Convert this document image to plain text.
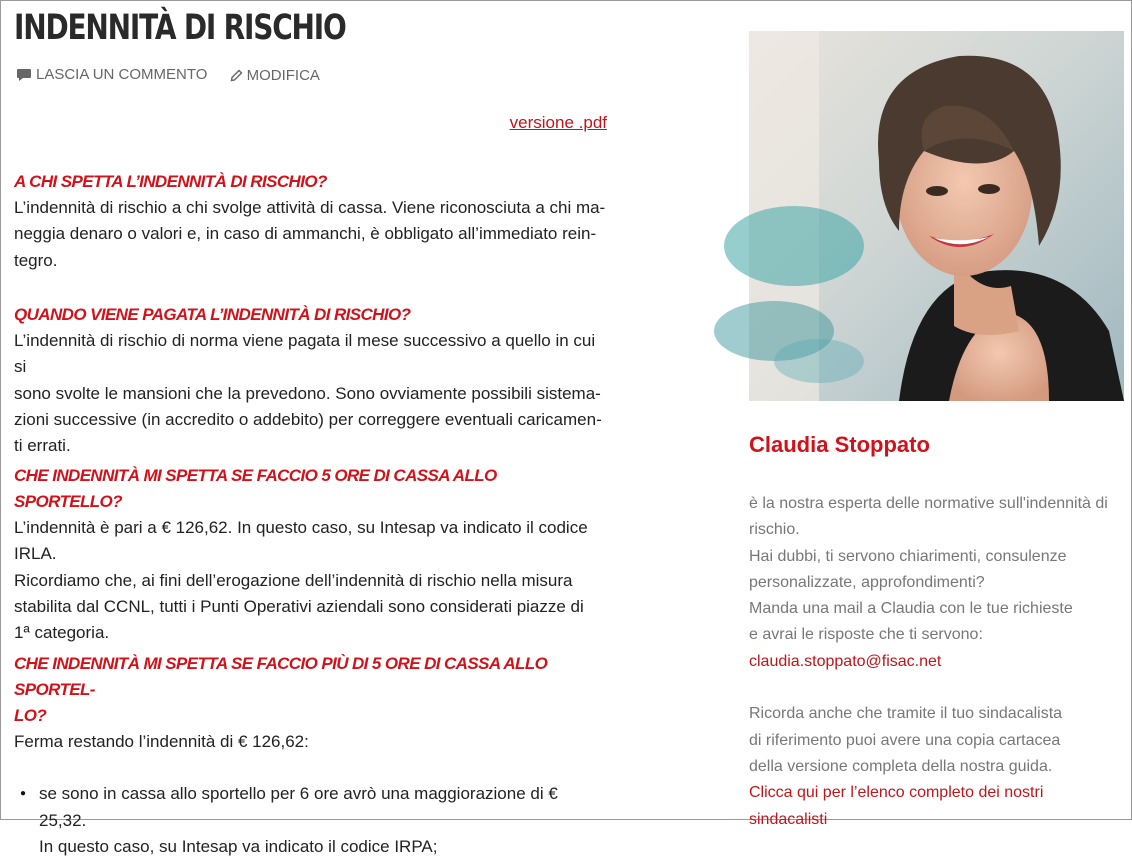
INDENNITÀ DI RISCHIO
LASCIA UN COMMENTO
	MODIFICA
versione .pdf
A CHI SPETTA L’INDENNITÀ DI RISCHIO?
L’indennità di rischio a chi svolge attività di cassa. Viene riconosciuta a chi ma-
neggia denaro o valori e, in caso di ammanchi, è obbligato all’immediato rein-
tegro.
QUANDO VIENE PAGATA L’INDENNITÀ DI RISCHIO?
L’indennità di rischio di norma viene pagata il mese successivo a quello in cui si
sono svolte le mansioni che la prevedono. Sono ovviamente possibili sistema-
zioni successive (in accredito o addebito) per correggere eventuali caricamen-
ti errati.
CHE INDENNITÀ MI SPETTA SE FACCIO 5 ORE DI CASSA ALLO SPORTELLO?
L’indennità è pari a € 126,62. In questo caso, su Intesap va indicato il codice
IRLA.
Ricordiamo che, ai fini dell’erogazione dell’indennità di rischio nella misura
stabilita dal CCNL, tutti i Punti Operativi aziendali sono considerati piazze di
1ª categoria.
CHE INDENNITÀ MI SPETTA SE FACCIO PIÙ DI 5 ORE DI CASSA ALLO SPORTEL-
LO?
Ferma restando l’indennità di € 126,62:
● se sono in cassa allo sportello per 6 ore avrò una maggiorazione di € 25,32.
In questo caso, su Intesap va indicato il codice IRPA;
Claudia Stoppato

è la nostra esperta delle normative sull'indennità di

rischio.

Hai dubbi, ti servono chiarimenti, consulenze

personalizzate, approfondimenti?

Manda una mail a Claudia con le tue richieste

e avrai le risposte che ti servono:

claudia.stoppato@fisac.net

Ricorda anche che tramite il tuo sindacalista

di riferimento puoi avere una copia cartacea

della versione completa della nostra guida.

Clicca qui per l’elenco completo dei nostri
sindacalisti
